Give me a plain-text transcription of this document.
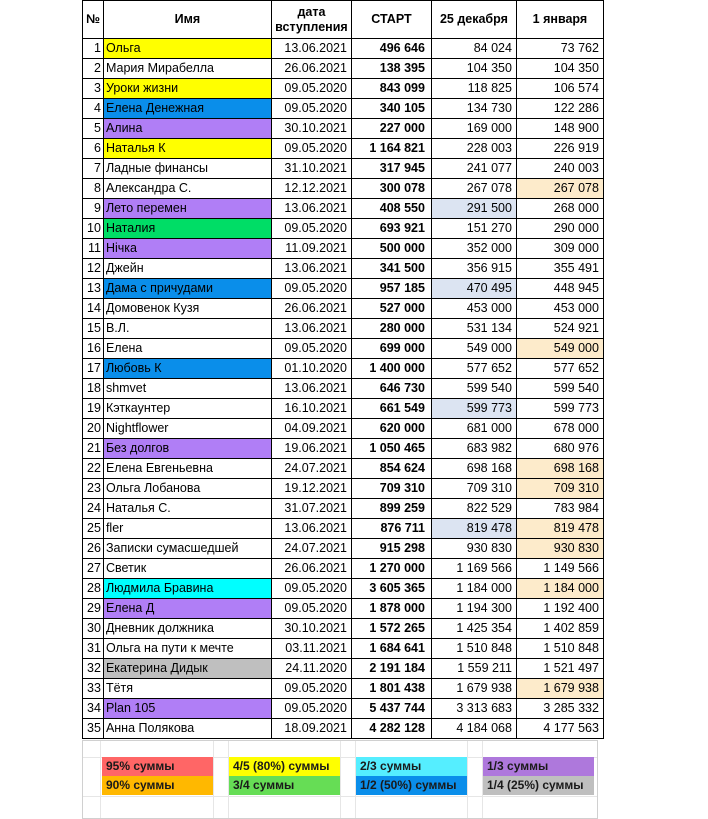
№	Имя	дата
вступления	СТАРТ	25 декабря	1 января
1	Ольга	13.06.2021	496 646	84 024	73 762
2	Мария Мирабелла	26.06.2021	138 395	104 350	104 350
3	Уроки жизни	09.05.2020	843 099	118 825	106 574
4	Елена Денежная	09.05.2020	340 105	134 730	122 286
5	Алина	30.10.2021	227 000	169 000	148 900
6	Наталья К	09.05.2020	1 164 821	228 003	226 919
7	Ладные финансы	31.10.2021	317 945	241 077	240 003
8	Александра С.	12.12.2021	300 078	267 078	267 078
9	Лето перемен	13.06.2021	408 550	291 500	268 000
10	Наталия	09.05.2020	693 921	151 270	290 000
11	Нічка	11.09.2021	500 000	352 000	309 000
12	Джейн	13.06.2021	341 500	356 915	355 491
13	Дама с причудами	09.05.2020	957 185	470 495	448 945
14	Домовенок Кузя	26.06.2021	527 000	453 000	453 000
15	В.Л.	13.06.2021	280 000	531 134	524 921
16	Елена	09.05.2020	699 000	549 000	549 000
17	Любовь К	01.10.2020	1 400 000	577 652	577 652
18	shmvet	13.06.2021	646 730	599 540	599 540
19	Кэткаунтер	16.10.2021	661 549	599 773	599 773
20	Nightflower	04.09.2021	620 000	681 000	678 000
21	Без долгов	19.06.2021	1 050 465	683 982	680 976
22	Елена Евгеньевна	24.07.2021	854 624	698 168	698 168
23	Ольга Лобанова	19.12.2021	709 310	709 310	709 310
24	Наталья С.	31.07.2021	899 259	822 529	783 984
25	fler	13.06.2021	876 711	819 478	819 478
26	Записки сумасшедшей	24.07.2021	915 298	930 830	930 830
27	Светик	26.06.2021	1 270 000	1 169 566	1 149 566
28	Людмила Бравина	09.05.2020	3 605 365	1 184 000	1 184 000
29	Елена Д	09.05.2020	1 878 000	1 194 300	1 192 400
30	Дневник должника	30.10.2021	1 572 265	1 425 354	1 402 859
31	Ольга на пути к мечте	03.11.2021	1 684 641	1 510 848	1 510 848
32	Екатерина Дидык	24.11.2020	2 191 184	1 559 211	1 521 497
33	Тётя	09.05.2020	1 801 438	1 679 938	1 679 938
34	Plan 105	09.05.2020	5 437 744	3 313 683	3 285 332
35	Анна Полякова	18.09.2021	4 282 128	4 184 068	4 177 563
95% суммы
90% суммы
4/5 (80%) суммы
3/4 суммы
2/3 суммы
1/2 (50%) суммы
1/3 суммы
1/4 (25%) суммы
